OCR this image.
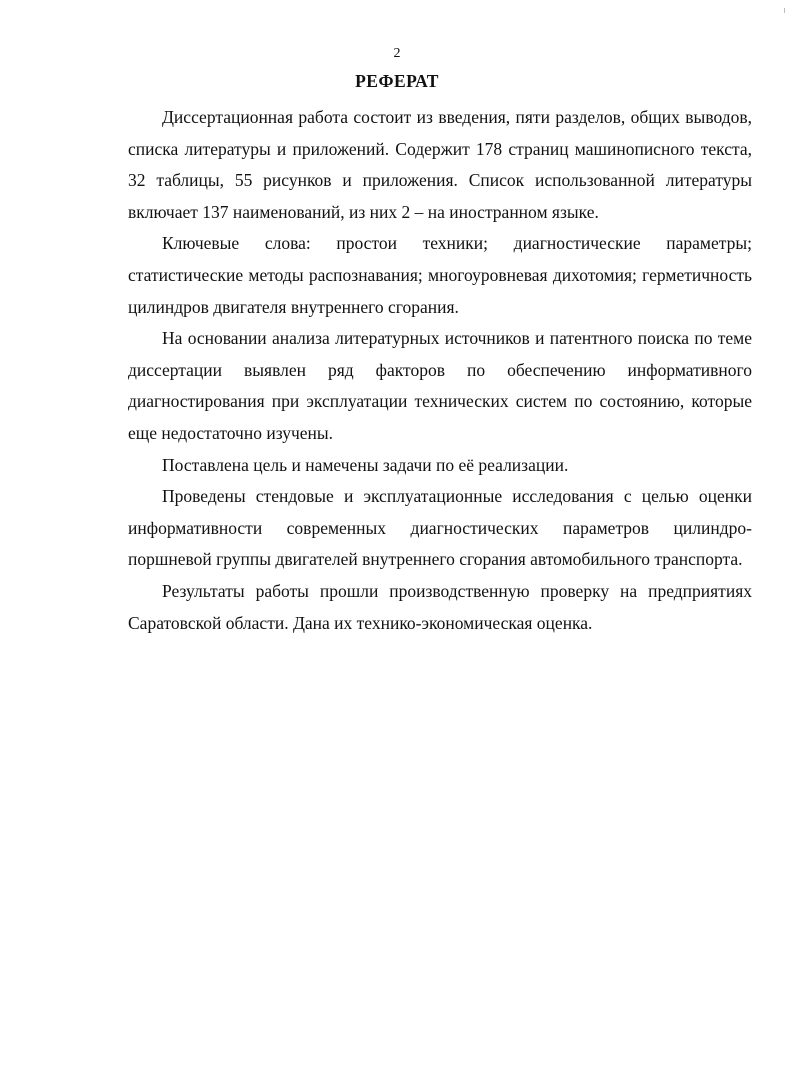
2
РЕФЕРАТ

Диссертационная работа состоит из введения, пяти разделов, общих выводов, списка литературы и приложений. Содержит 178 страниц машинописного текста, 32 таблицы, 55 рисунков и приложения. Список использованной литературы включает 137 наименований, из них 2 – на иностранном языке.

Ключевые слова: простои техники; диагностические параметры; статистические методы распознавания; многоуровневая дихотомия; герметичность цилиндров двигателя внутреннего сгорания.

На основании анализа литературных источников и патентного поиска по теме диссертации выявлен ряд факторов по обеспечению информативного диагностирования при эксплуатации технических систем по состоянию, которые еще недостаточно изучены.

Поставлена цель и намечены задачи по её реализации.

Проведены стендовые и эксплуатационные исследования с целью оценки информативности современных диагностических параметров цилиндро-поршневой группы двигателей внутреннего сгорания автомобильного транспорта.

Результаты работы прошли производственную проверку на предприятиях Саратовской области. Дана их технико-экономическая оценка.
